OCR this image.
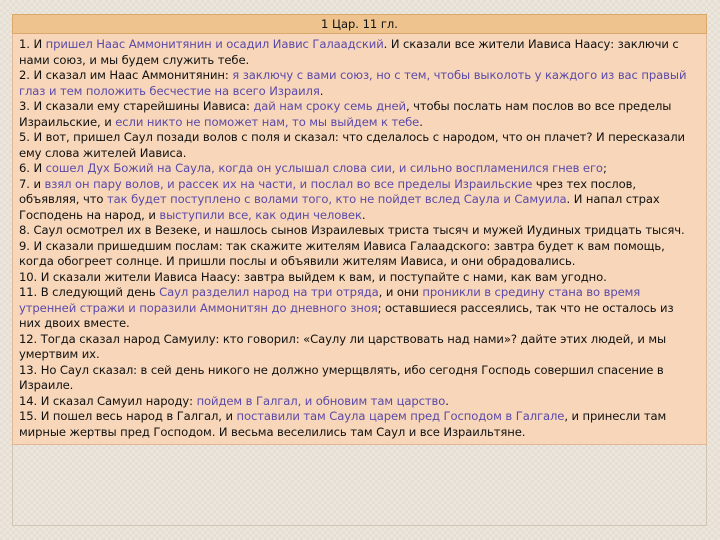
1 Цар. 11 гл.

1. И пришел Наас Аммонитянин и осадил Иавис Галаадский. И сказали все жители Иависа Наасу: заключи с нами союз, и мы будем служить тебе.

2. И сказал им Наас Аммонитянин: я заключу с вами союз, но с тем, чтобы выколоть у каждого из вас правый глаз и тем положить бесчестие на всего Израиля.

3. И сказали ему старейшины Иависа: дай нам сроку семь дней, чтобы послать нам послов во все пределы Израильские, и если никто не поможет нам, то мы выйдем к тебе.

5. И вот, пришел Саул позади волов с поля и сказал: что сделалось с народом, что он плачет? И пересказали ему слова жителей Иависа.

6. И сошел Дух Божий на Саула, когда он услышал слова сии, и сильно воспламенился гнев его;

7. и взял он пару волов, и рассек их на части, и послал во все пределы Израильские чрез тех послов, объявляя, что так будет поступлено с волами того, кто не пойдет вслед Саула и Самуила. И напал страх Господень на народ, и выступили все, как один человек.

8. Саул осмотрел их в Везеке, и нашлось сынов Израилевых триста тысяч и мужей Иудиных тридцать тысяч.

9. И сказали пришедшим послам: так скажите жителям Иависа Галаадского: завтра будет к вам помощь, когда обогреет солнце. И пришли послы и объявили жителям Иависа, и они обрадовались.

10. И сказали жители Иависа Наасу: завтра выйдем к вам, и поступайте с нами, как вам угодно.

11. В следующий день Саул разделил народ на три отряда, и они проникли в средину стана во время утренней стражи и поразили Аммонитян до дневного зноя; оставшиеся рассеялись, так что не осталось из них двоих вместе.

12. Тогда сказал народ Самуилу: кто говорил: «Саулу ли царствовать над нами»? дайте этих людей, и мы умертвим их.

13. Но Саул сказал: в сей день никого не должно умерщвлять, ибо сегодня Господь совершил спасение в Израиле.

14. И сказал Самуил народу: пойдем в Галгал, и обновим там царство.

15. И пошел весь народ в Галгал, и поставили там Саула царем пред Господом в Галгале, и принесли там мирные жертвы пред Господом. И весьма веселились там Саул и все Израильтяне.
